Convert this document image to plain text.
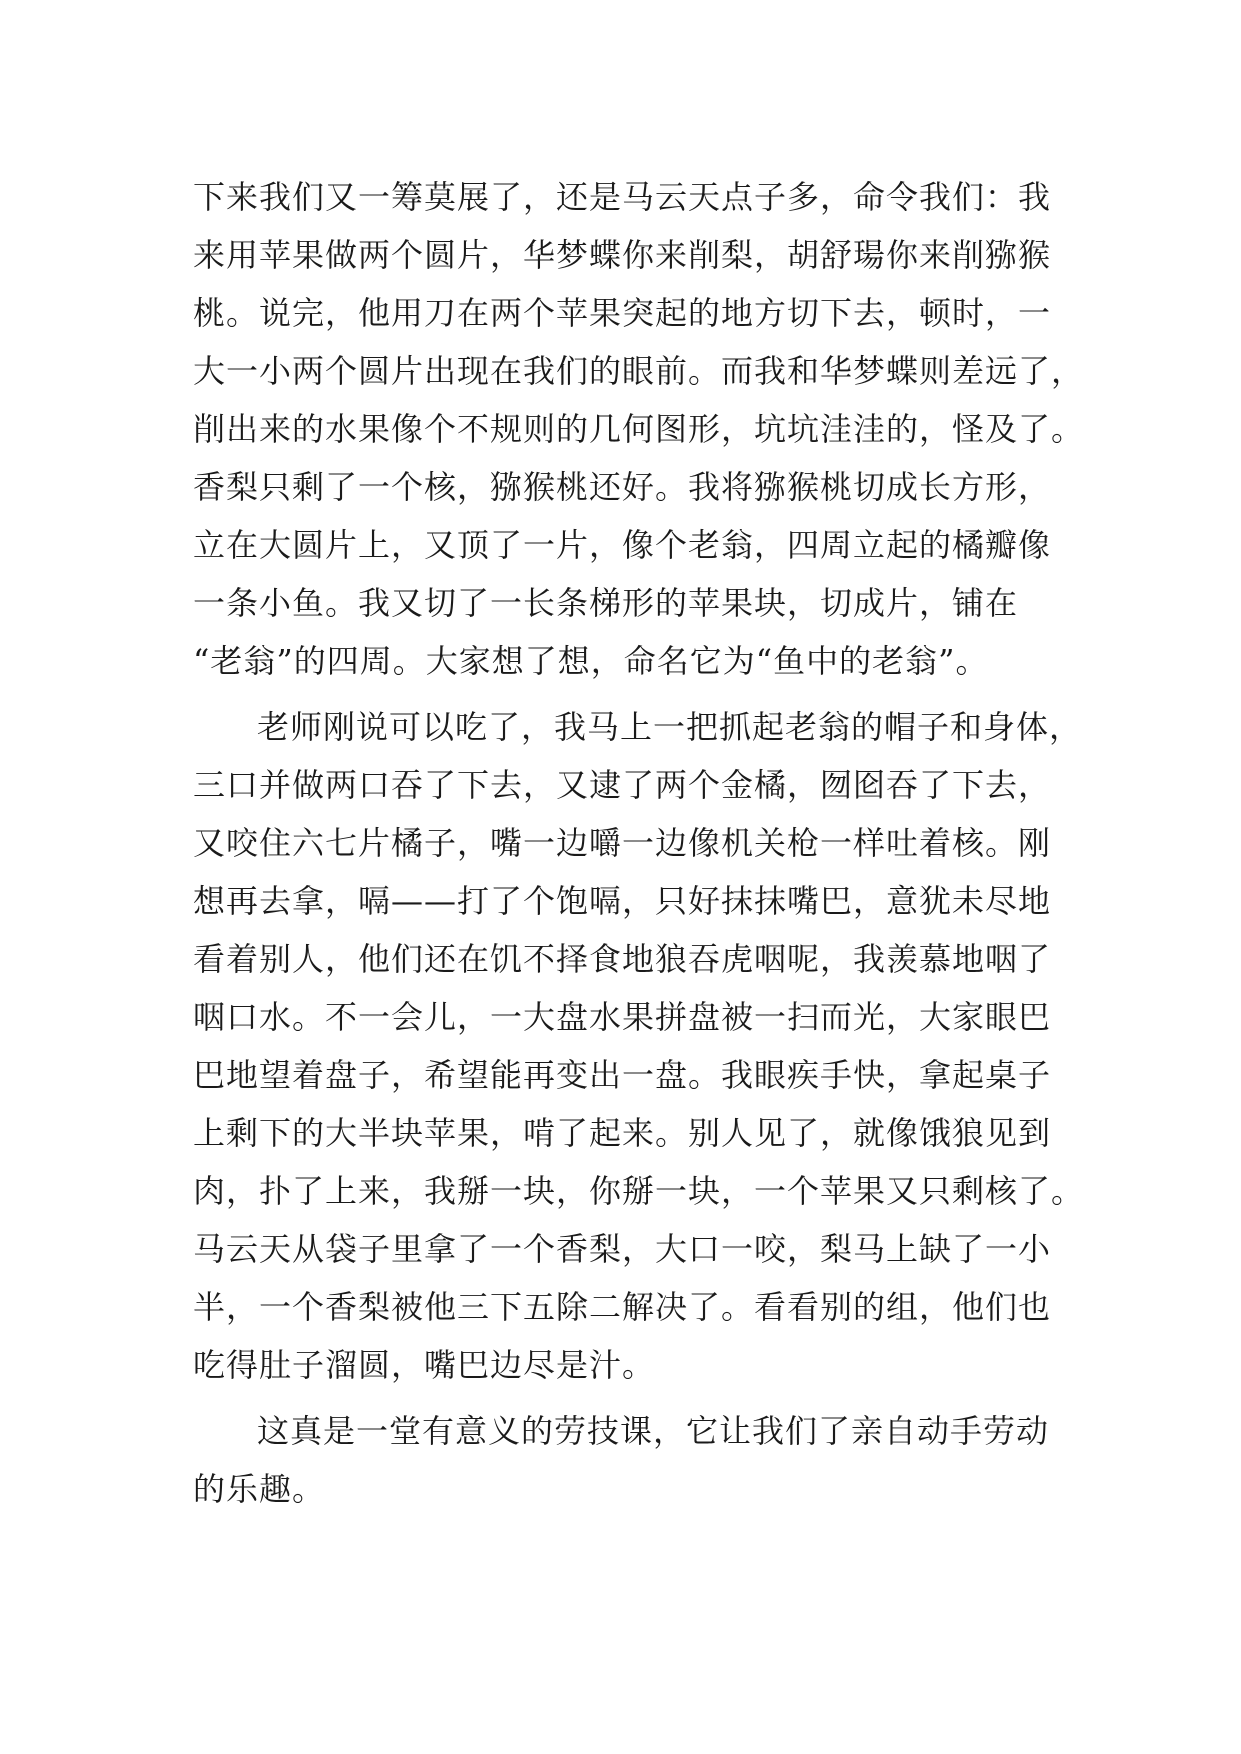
下来我们又一筹莫展了，还是马云天点子多，命令我们：我
来用苹果做两个圆片，华梦蝶你来削梨，胡舒瑒你来削猕猴
桃。说完，他用刀在两个苹果突起的地方切下去，顿时，一
大一小两个圆片出现在我们的眼前。而我和华梦蝶则差远了，
削出来的水果像个不规则的几何图形，坑坑洼洼的，怪及了。
香梨只剩了一个核，猕猴桃还好。我将猕猴桃切成长方形，
立在大圆片上，又顶了一片，像个老翁，四周立起的橘瓣像
一条小鱼。我又切了一长条梯形的苹果块，切成片，铺在
“老翁”的四周。大家想了想，命名它为“鱼中的老翁”。
老师刚说可以吃了，我马上一把抓起老翁的帽子和身体，
三口并做两口吞了下去，又逮了两个金橘，囫囵吞了下去，
又咬住六七片橘子，嘴一边嚼一边像机关枪一样吐着核。刚
想再去拿，嗝——打了个饱嗝，只好抹抹嘴巴，意犹未尽地
看着别人，他们还在饥不择食地狼吞虎咽呢，我羡慕地咽了
咽口水。不一会儿，一大盘水果拼盘被一扫而光，大家眼巴
巴地望着盘子，希望能再变出一盘。我眼疾手快，拿起桌子
上剩下的大半块苹果，啃了起来。别人见了，就像饿狼见到
肉，扑了上来，我掰一块，你掰一块，一个苹果又只剩核了。
马云天从袋子里拿了一个香梨，大口一咬，梨马上缺了一小
半，一个香梨被他三下五除二解决了。看看别的组，他们也
吃得肚子溜圆，嘴巴边尽是汁。
这真是一堂有意义的劳技课，它让我们了亲自动手劳动
的乐趣。
